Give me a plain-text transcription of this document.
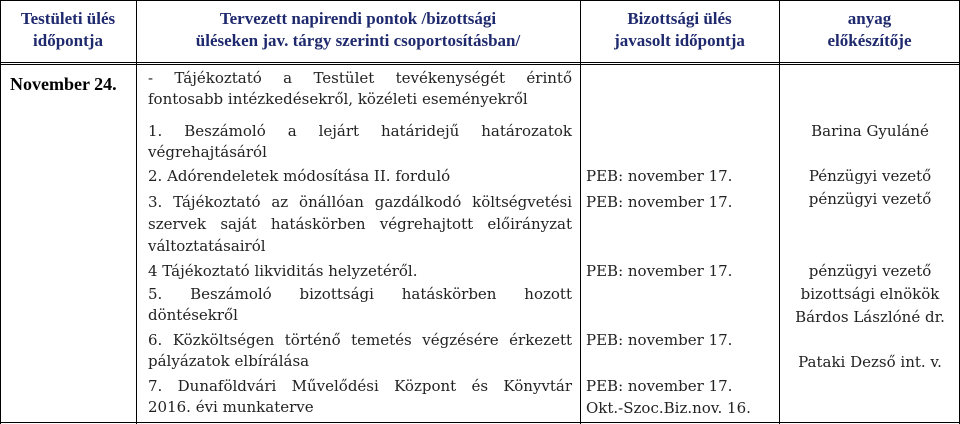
Testületi ülés
időpontja
Tervezett napirendi pontok /bizottsági
üléseken jav. tárgy szerinti csoportosításban/
Bizottsági ülés
javasolt időpontja
anyag
előkészítője
November 24. - Tájékoztató a Testület tevékenységét érintő
fontosabb intézkedésekről, közéleti eseményekről
1. Beszámoló a lejárt határidejű határozatok
végrehajtásáról
2. Adórendeletek módosítása II. forduló
3. Tájékoztató az önállóan gazdálkodó költségvetési
szervek saját hatáskörben végrehajtott előirányzat
változtatásairól
4 Tájékoztató likviditás helyzetéről.
5. Beszámoló bizottsági hatáskörben hozott
döntésekről
6. Közköltségen történő temetés végzésére érkezett
pályázatok elbírálása
7. Dunaföldvári Művelődési Központ és Könyvtár
2016. évi munkaterve
PEB: november 17.
PEB: november 17.
PEB: november 17.
PEB: november 17.
PEB: november 17.
Okt.-Szoc.Biz.nov. 16.
Barina Gyuláné
Pénzügyi vezető
pénzügyi vezető
pénzügyi vezető
bizottsági elnökök
Bárdos Lászlóné dr.
Pataki Dezső int. v.
